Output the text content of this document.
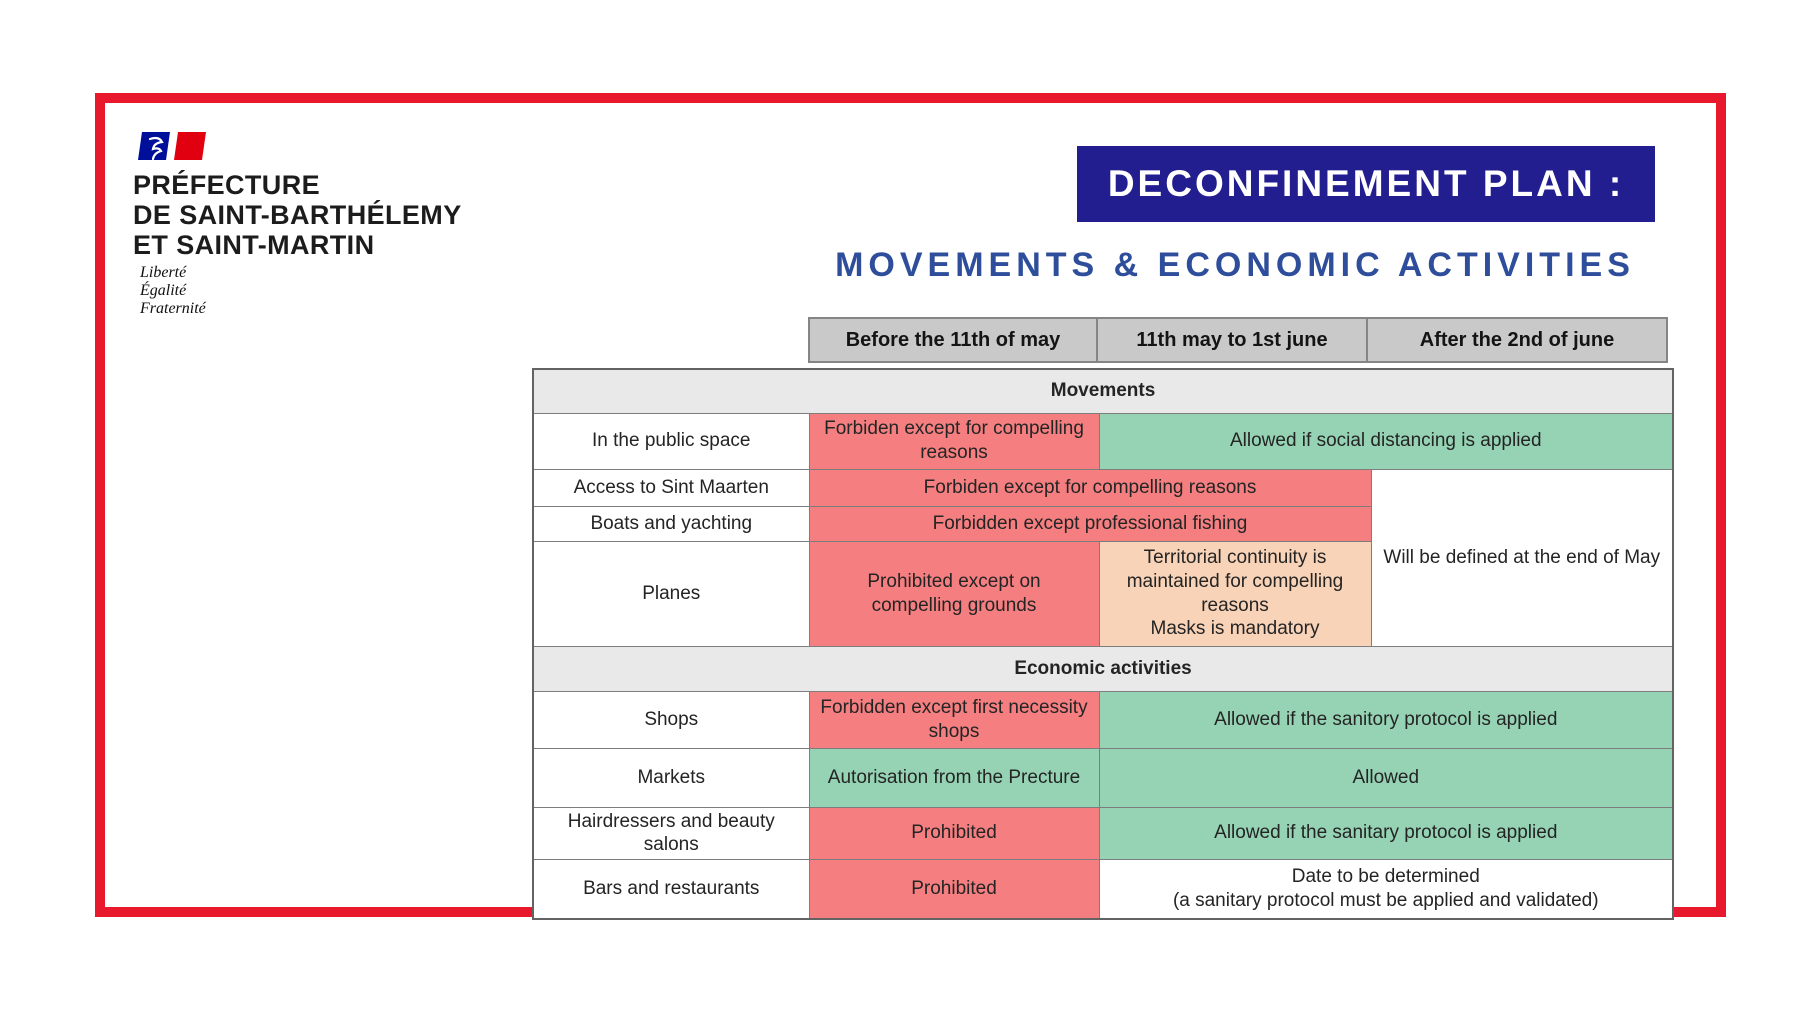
PRÉFECTURE
DE SAINT-BARTHÉLEMY
ET SAINT-MARTIN
Liberté
Égalité
Fraternité
DECONFINEMENT PLAN :
MOVEMENTS & ECONOMIC ACTIVITIES
Before the 11th of may	11th may to 1st june	After the 2nd of june
Movements			
In the public space	Forbiden except for compelling reasons	Allowed if social distancing is applied	
Access to Sint Maarten	Forbiden except for compelling reasons		Will be defined at the end of May
Boats and yachting	Forbidden except professional fishing		
Planes	Prohibited except on compelling grounds	Territorial continuity is maintained for compelling reasons
Masks is mandatory	

Economic activities			
Shops	Forbidden except first necessity shops	Allowed if the sanitory protocol is applied	
Markets	Autorisation from the Precture	Allowed	
Hairdressers and beauty salons	Prohibited	Allowed if the sanitary protocol is applied	
Bars and restaurants	Prohibited	Date to be determined
(a sanitary protocol must be applied and validated)	
